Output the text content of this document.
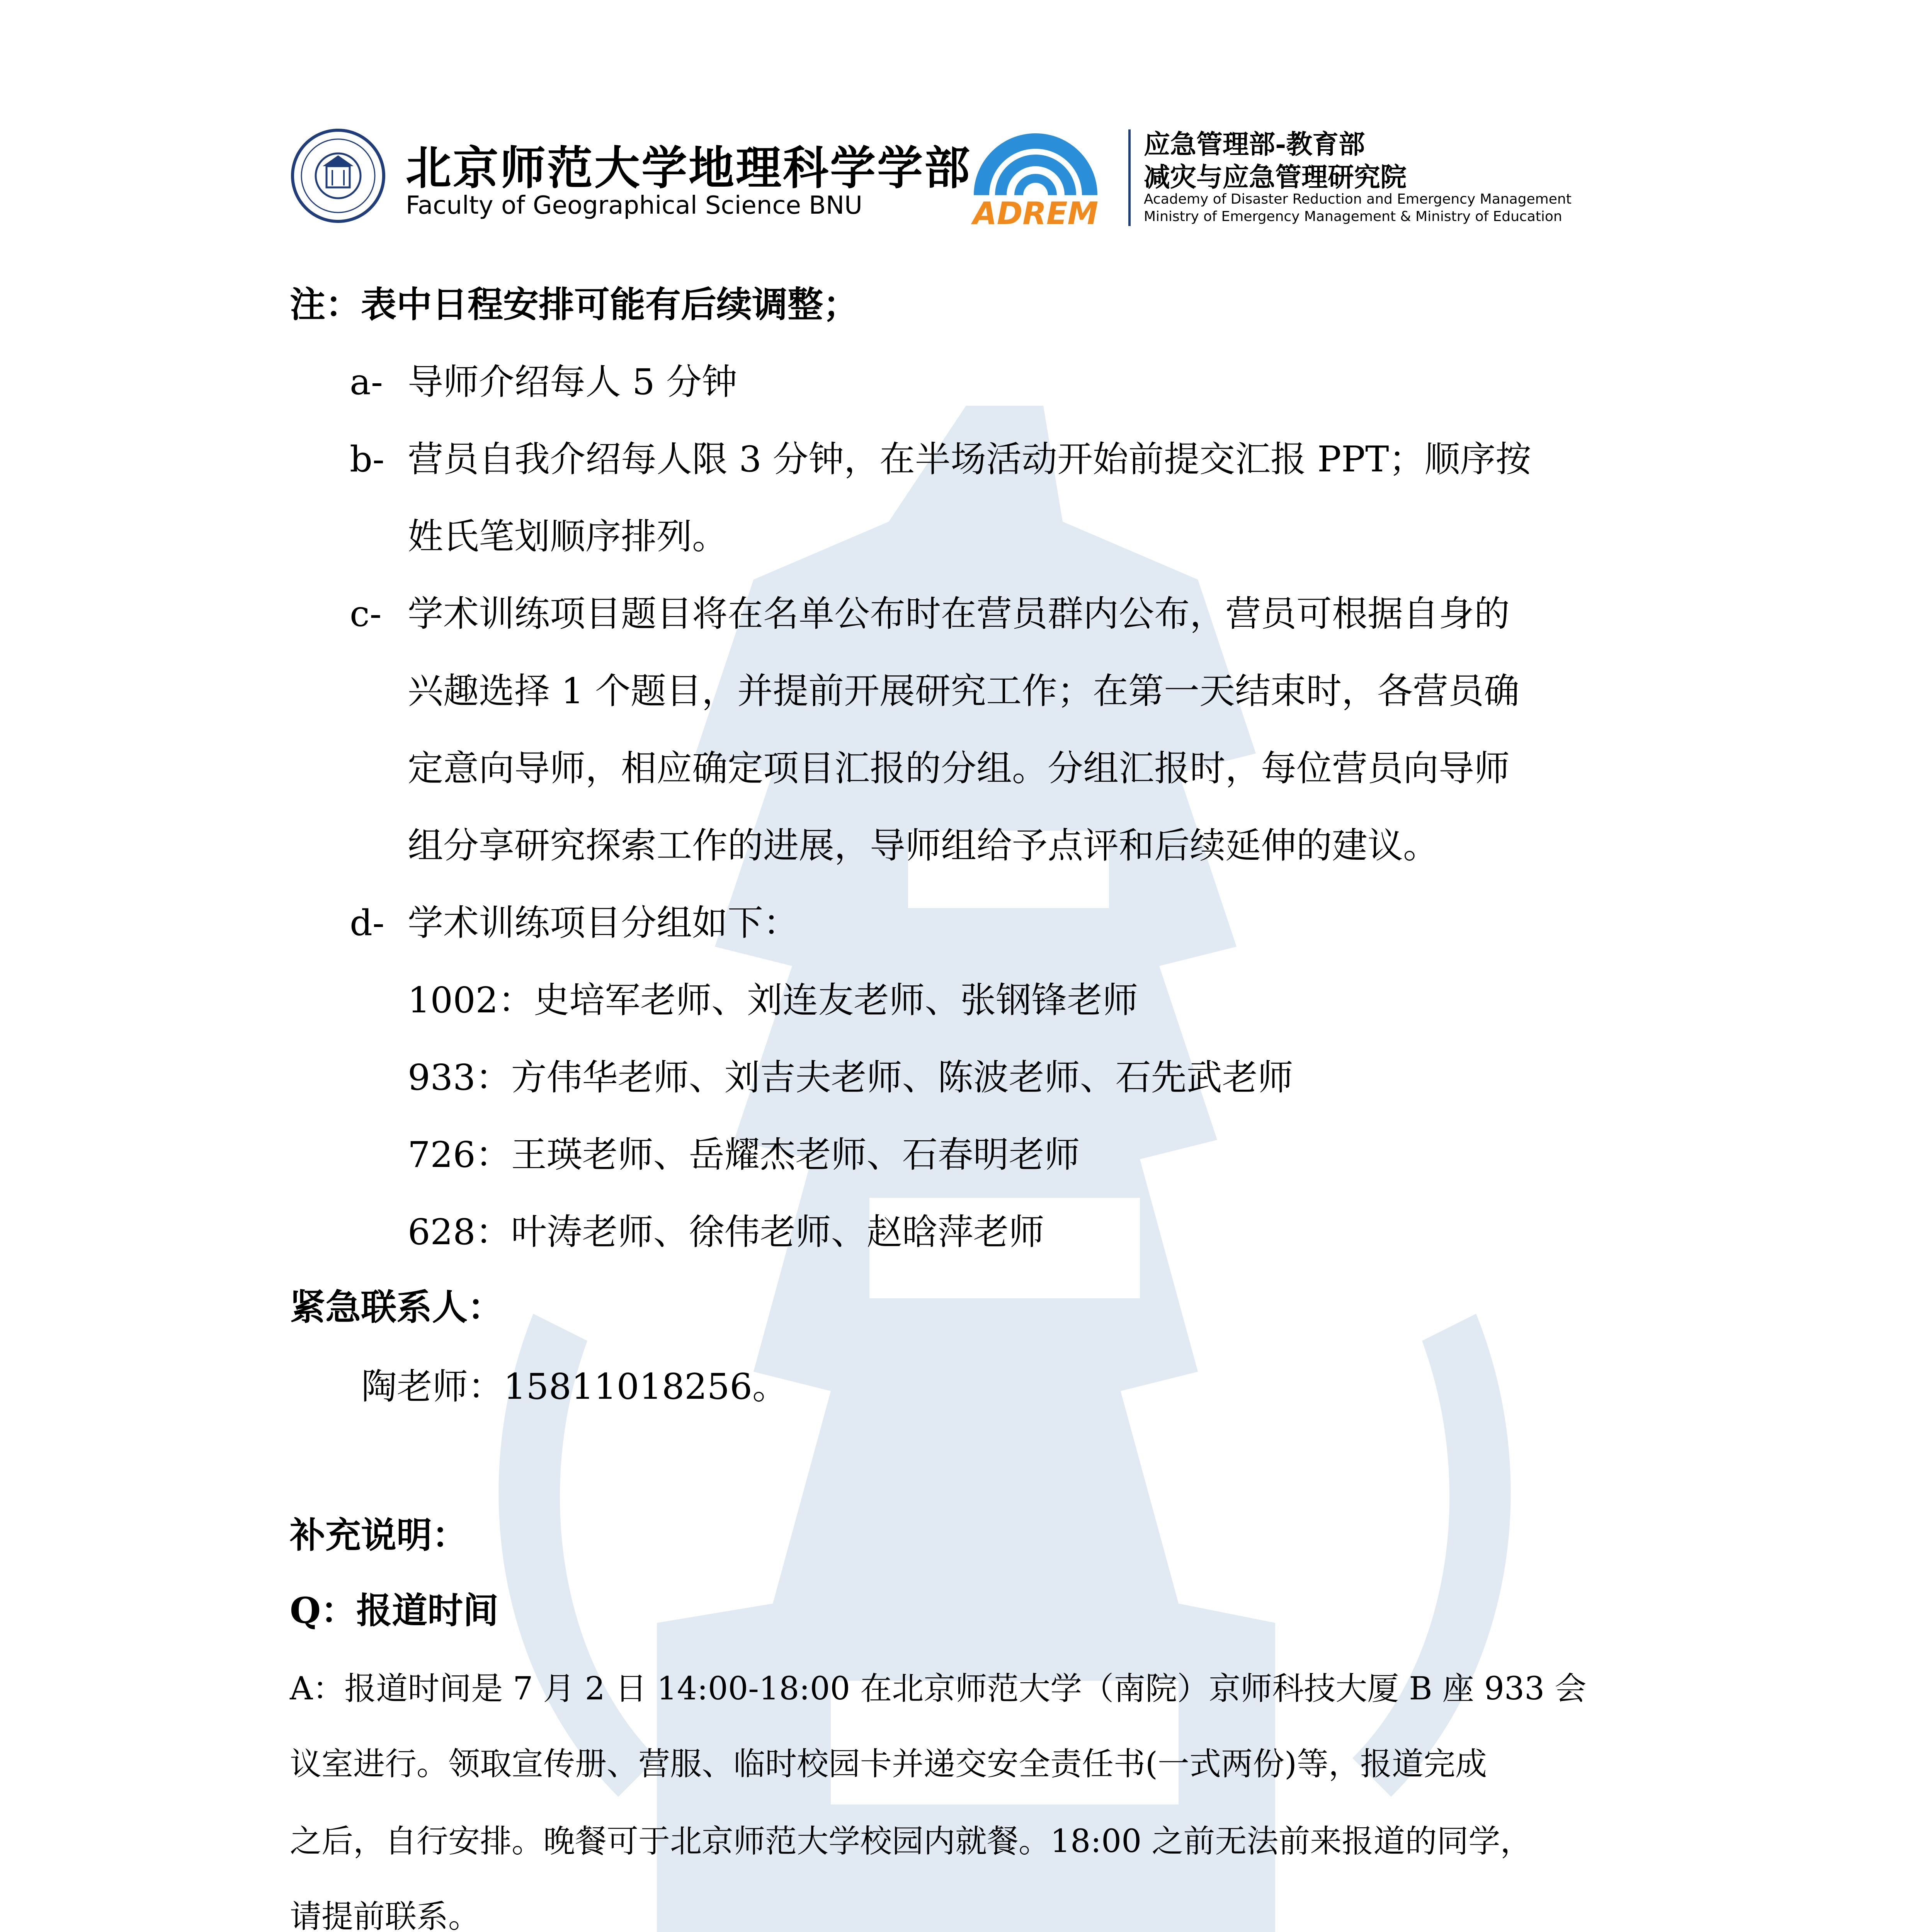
北京师范大学地理科学学部
Faculty of Geographical Science BNU	ADREM
应急管理部-教育部
减灾与应急管理研究院
Academy of Disaster Reduction and Emergency Management
Ministry of Emergency Management & Ministry of Education
注：表中日程安排可能有后续调整；
a- 导师介绍每人 5 分钟
b- 营员自我介绍每人限 3 分钟，在半场活动开始前提交汇报 PPT；顺序按
姓氏笔划顺序排列。
c- 学术训练项目题目将在名单公布时在营员群内公布，营员可根据自身的
兴趣选择 1 个题目，并提前开展研究工作；在第一天结束时，各营员确
定意向导师，相应确定项目汇报的分组。分组汇报时，每位营员向导师
组分享研究探索工作的进展，导师组给予点评和后续延伸的建议。
d- 学术训练项目分组如下：
1002：史培军老师、刘连友老师、张钢锋老师
933：方伟华老师、刘吉夫老师、陈波老师、石先武老师
726：王瑛老师、岳耀杰老师、石春明老师
628：叶涛老师、徐伟老师、赵晗萍老师
紧急联系人：
陶老师：15811018256。
补充说明：
Q：报道时间
A：报道时间是 7 月 2 日 14:00-18:00 在北京师范大学（南院）京师科技大厦 B 座 933 会
议室进行。领取宣传册、营服、临时校园卡并递交安全责任书(一式两份)等，报道完成
之后，自行安排。晚餐可于北京师范大学校园内就餐。18:00 之前无法前来报道的同学，
请提前联系。
